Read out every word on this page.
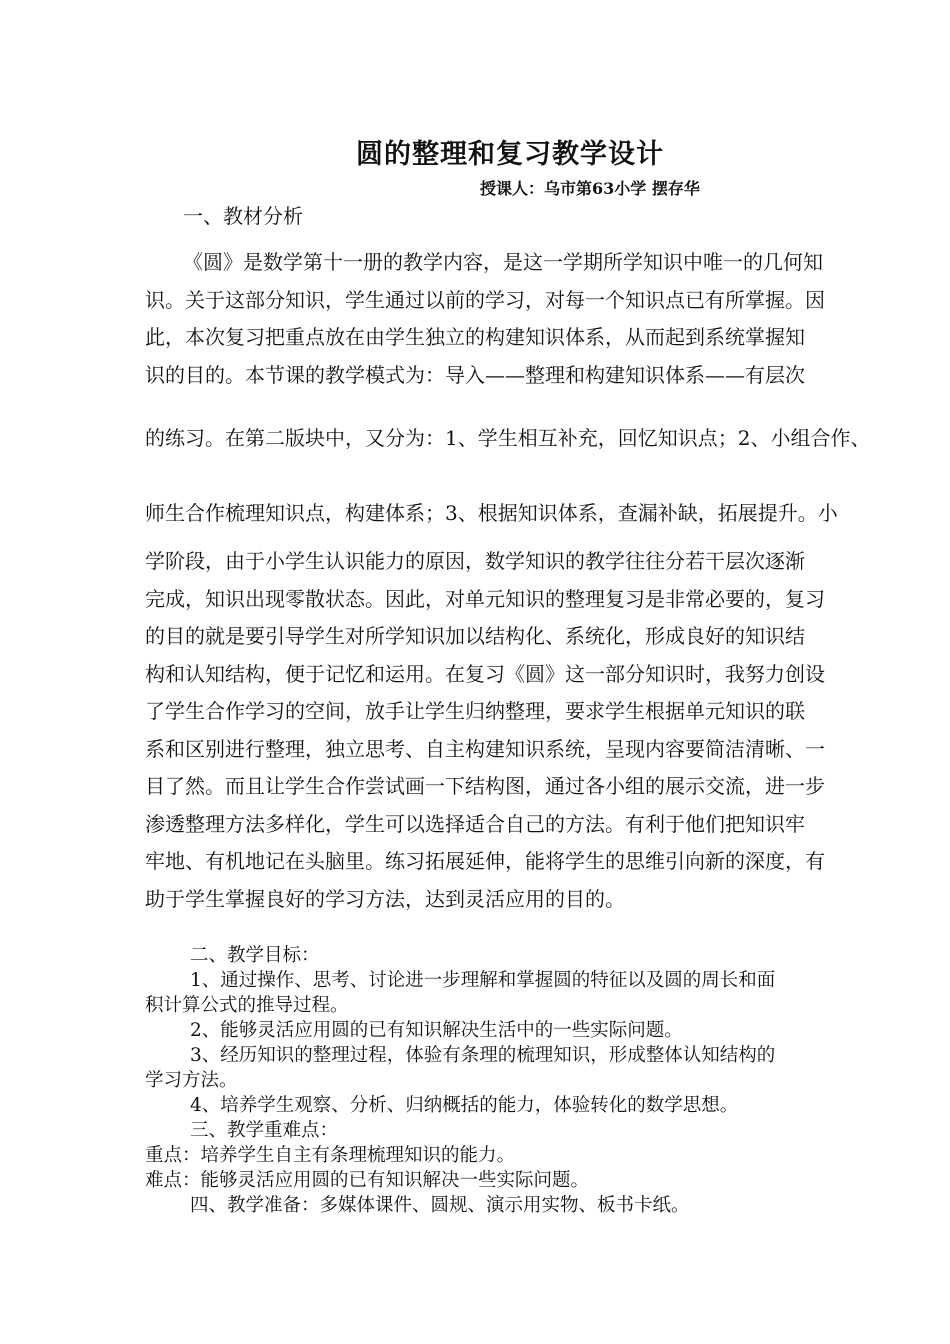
圆的整理和复习教学设计
授课人：乌市第63小学 摆存华
一、教材分析
《圆》是数学第十一册的教学内容，是这一学期所学知识中唯一的几何知
识。关于这部分知识，学生通过以前的学习，对每一个知识点已有所掌握。因
此，本次复习把重点放在由学生独立的构建知识体系，从而起到系统掌握知
识的目的。本节课的教学模式为：导入——整理和构建知识体系——有层次
的练习。在第二版块中，又分为：1、学生相互补充，回忆知识点；2、小组合作、
师生合作梳理知识点，构建体系；3、根据知识体系，查漏补缺，拓展提升。小
学阶段，由于小学生认识能力的原因，数学知识的教学往往分若干层次逐渐
完成，知识出现零散状态。因此，对单元知识的整理复习是非常必要的，复习
的目的就是要引导学生对所学知识加以结构化、系统化，形成良好的知识结
构和认知结构，便于记忆和运用。在复习《圆》这一部分知识时，我努力创设
了学生合作学习的空间，放手让学生归纳整理，要求学生根据单元知识的联
系和区别进行整理，独立思考、自主构建知识系统，呈现内容要简洁清晰、一
目了然。而且让学生合作尝试画一下结构图，通过各小组的展示交流，进一步
渗透整理方法多样化，学生可以选择适合自己的方法。有利于他们把知识牢
牢地、有机地记在头脑里。练习拓展延伸，能将学生的思维引向新的深度，有
助于学生掌握良好的学习方法，达到灵活应用的目的。
二、教学目标：
1、通过操作、思考、讨论进一步理解和掌握圆的特征以及圆的周长和面
积计算公式的推导过程。
2、能够灵活应用圆的已有知识解决生活中的一些实际问题。
3、经历知识的整理过程，体验有条理的梳理知识，形成整体认知结构的
学习方法。
4、培养学生观察、分析、归纳概括的能力，体验转化的数学思想。
三、教学重难点：
重点：培养学生自主有条理梳理知识的能力。
难点：能够灵活应用圆的已有知识解决一些实际问题。
四、教学准备：多媒体课件、圆规、演示用实物、板书卡纸。
